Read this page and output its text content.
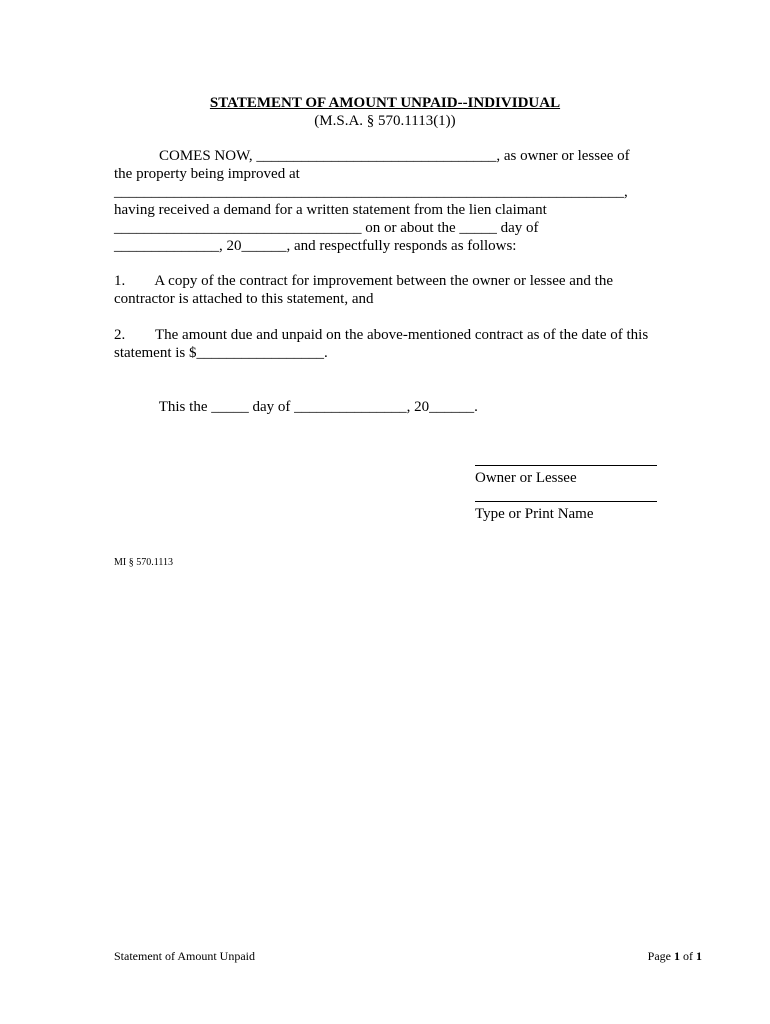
STATEMENT OF AMOUNT UNPAID--INDIVIDUAL
(M.S.A. § 570.1113(1))
COMES NOW, ________________________________, as owner or lessee of
the property being improved at
____________________________________________________________________,
having received a demand for a written statement from the lien claimant
_________________________________ on or about the _____ day of
______________, 20______, and respectfully responds as follows:
1.        A copy of the contract for improvement between the owner or lessee and the
contractor is attached to this statement, and
2.        The amount due and unpaid on the above-mentioned contract as of the date of this
statement is $_________________.
This the _____ day of _______________, 20______.
Owner or Lessee
Type or Print Name
MI § 570.1113
Statement of Amount Unpaid	Page 1 of 1
